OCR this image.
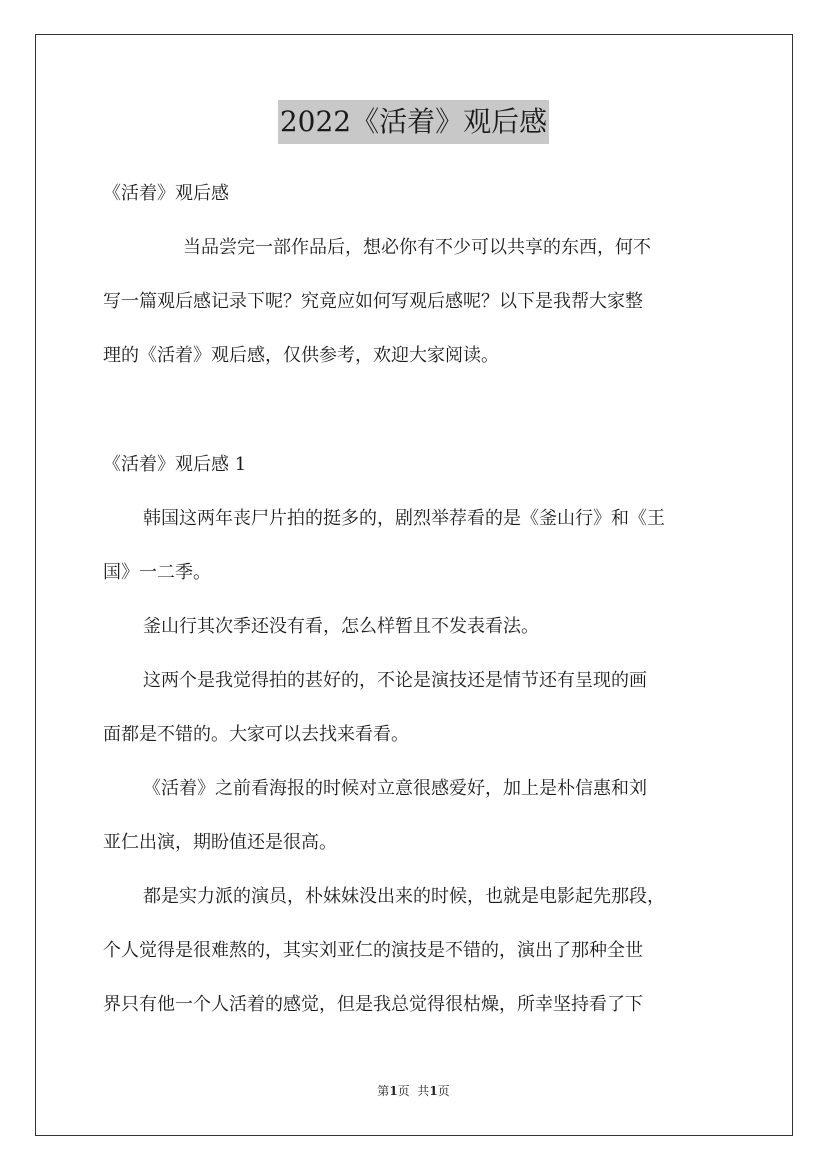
2022《活着》观后感
《活着》观后感
当品尝完一部作品后，想必你有不少可以共享的东西，何不
写一篇观后感记录下呢？究竟应如何写观后感呢？以下是我帮大家整
理的《活着》观后感，仅供参考，欢迎大家阅读。
《活着》观后感 1
韩国这两年丧尸片拍的挺多的，剧烈举荐看的是《釜山行》和《王
国》一二季。
釜山行其次季还没有看，怎么样暂且不发表看法。
这两个是我觉得拍的甚好的，不论是演技还是情节还有呈现的画
面都是不错的。大家可以去找来看看。
《活着》之前看海报的时候对立意很感爱好，加上是朴信惠和刘
亚仁出演，期盼值还是很高。
都是实力派的演员，朴妹妹没出来的时候，也就是电影起先那段，
个人觉得是很难熬的，其实刘亚仁的演技是不错的，演出了那种全世
界只有他一个人活着的感觉，但是我总觉得很枯燥，所幸坚持看了下
第1页  共1页
